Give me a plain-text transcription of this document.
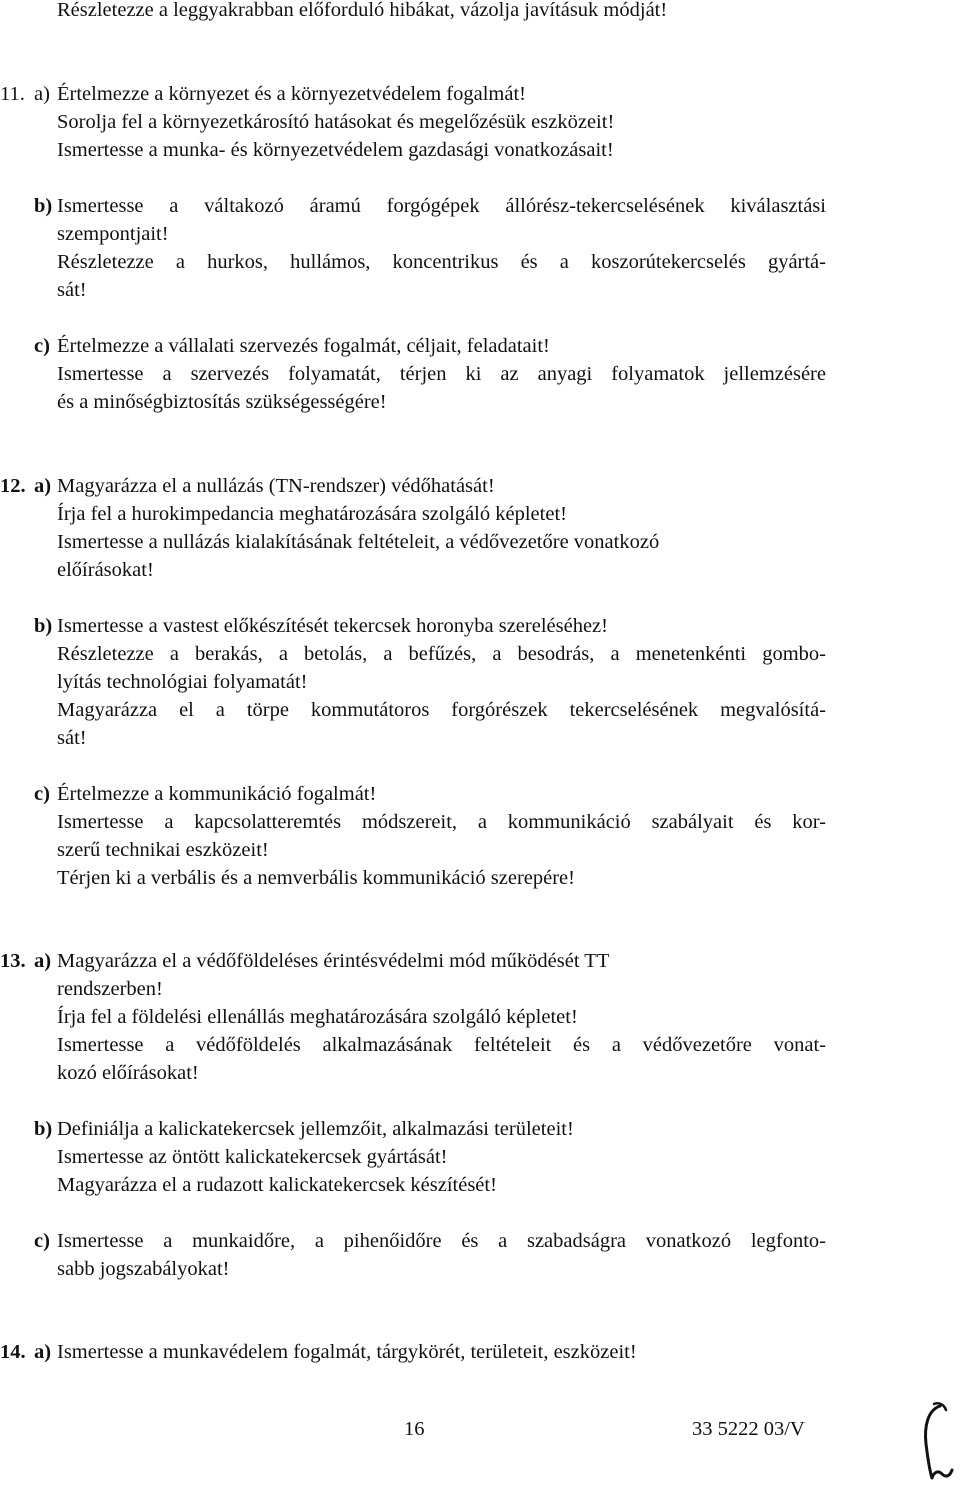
Részletezze a leggyakrabban előforduló hibákat, vázolja javításuk módját!
11. a) Értelmezze a környezet és a környezetvédelem fogalmát!
Sorolja fel a környezetkárosító hatásokat és megelőzésük eszközeit!
Ismertesse a munka- és környezetvédelem gazdasági vonatkozásait!
b) Ismertesse a váltakozó áramú forgógépek állórész-tekercselésének kiválasztási
szempontjait!
Részletezze a hurkos, hullámos, koncentrikus és a koszorútekercselés gyártá-
sát!
c) Értelmezze a vállalati szervezés fogalmát, céljait, feladatait!
Ismertesse a szervezés folyamatát, térjen ki az anyagi folyamatok jellemzésére
és a minőségbiztosítás szükségességére!
12. a) Magyarázza el a nullázás (TN-rendszer) védőhatását!
Írja fel a hurokimpedancia meghatározására szolgáló képletet!
Ismertesse a nullázás kialakításának feltételeit, a védővezetőre vonatkozó
előírásokat!
b) Ismertesse a vastest előkészítését tekercsek horonyba szereléséhez!
Részletezze a berakás, a betolás, a befűzés, a besodrás, a menetenkénti gombo-
lyítás technológiai folyamatát!
Magyarázza el a törpe kommutátoros forgórészek tekercselésének megvalósítá-
sát!
c) Értelmezze a kommunikáció fogalmát!
Ismertesse a kapcsolatteremtés módszereit, a kommunikáció szabályait és kor-
szerű technikai eszközeit!
Térjen ki a verbális és a nemverbális kommunikáció szerepére!
13. a) Magyarázza el a védőföldeléses érintésvédelmi mód működését TT
rendszerben!
Írja fel a földelési ellenállás meghatározására szolgáló képletet!
Ismertesse a védőföldelés alkalmazásának feltételeit és a védővezetőre vonat-
kozó előírásokat!
b) Definiálja a kalickatekercsek jellemzőit, alkalmazási területeit!
Ismertesse az öntött kalickatekercsek gyártását!
Magyarázza el a rudazott kalickatekercsek készítését!
c) Ismertesse a munkaidőre, a pihenőidőre és a szabadságra vonatkozó legfonto-
sabb jogszabályokat!
14. a) Ismertesse a munkavédelem fogalmát, tárgykörét, területeit, eszközeit!
16	33 5222 03/V
